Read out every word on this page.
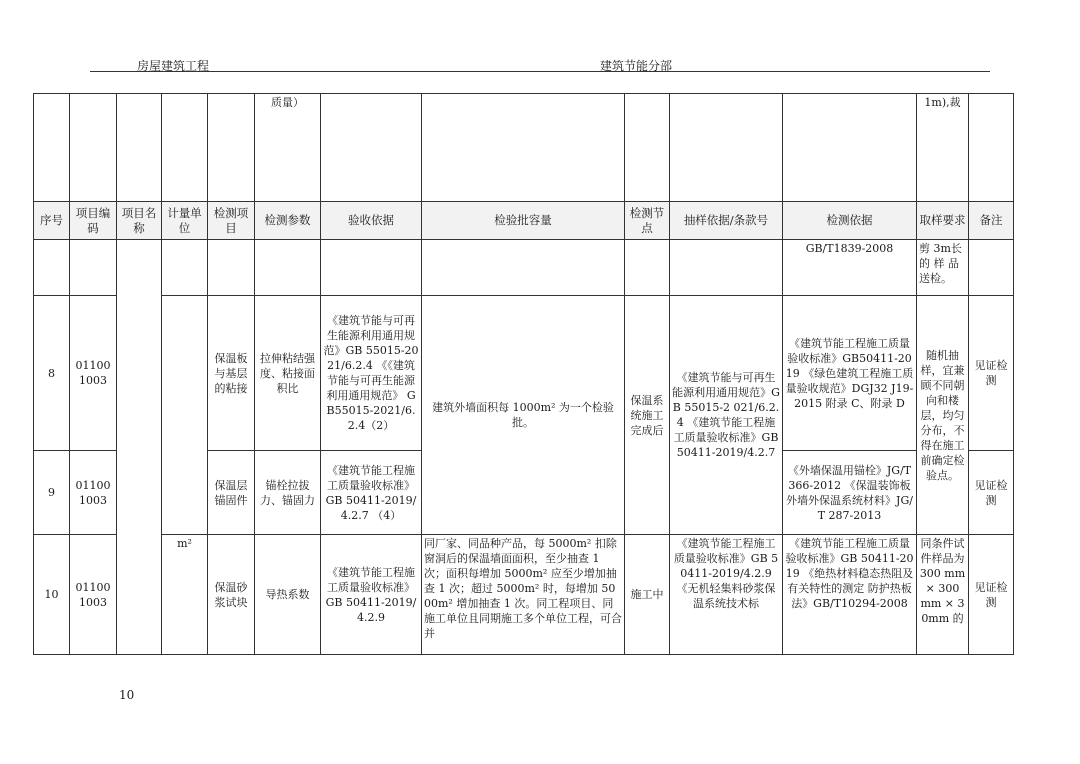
房屋建筑工程	建筑节能分部
					质量）						1m),裁	
序号	项目编码	项目名称	计量单位	检测项目	检测参数	验收依据	检验批容量	检测节点	抽样依据/条款号	检测依据	取样要求	备注
										GB/T1839-2008	剪 3m长的 样 品送检。	
8	01100 1003			保温板与基层的粘接	拉伸粘结强度、粘接面积比	《建筑节能与可再生能源利用通用规范》GB 55015-2021/6.2.4 《《建筑节能与可再生能源利用通用规范》 GB55015-2021/6. 2.4（2）	建筑外墙面积每 1000m² 为一个检验批。	保温系统施工完成后	《建筑节能与可再生能源利用通用规范》GB 55015-2 021/6.2.4 《建筑节能工程施工质量验收标准》GB 50411-2019/4.2.7	《建筑节能工程施工质量验收标准》GB50411-2019 《绿色建筑工程施工质量验收规范》DGJ32 J19-2015 附录 C、附录 D	随机抽样，宜兼顾不同朝向和楼层，均匀分布，不得在施工前确定检验点。	见证检测
9	01100 1003			保温层锚固件	锚栓拉拔力、锚固力	《建筑节能工程施工质量验收标准》GB 50411-2019/4.2.7 （4）				《外墙保温用锚栓》JG/T366-2012 《保温装饰板外墙外保温系统材料》JG/T 287-2013		见证检测
10	01100 1003		m²	保温砂浆试块	导热系数	《建筑节能工程施工质量验收标准》GB 50411-2019/4.2.9	同厂家、同品种产品，每 5000m² 扣除窗洞后的保温墙面面积，至少抽查 1 次；面积每增加 5000m² 应至少增加抽查 1 次；超过 5000m² 时，每增加 5000m² 增加抽查 1 次。同工程项目、同施工单位且同期施工多个单位工程，可合并	施工中	《建筑节能工程施工质量验收标准》GB 50411-2019/4.2.9 《无机轻集料砂浆保温系统技术标	《建筑节能工程施工质量验收标准》GB 50411-2019 《绝热材料稳态热阻及有关特性的测定 防护热板法》GB/T10294-2008	同条件试件样品为 300 mm × 300 mm × 30mm 的	见证检测
10
